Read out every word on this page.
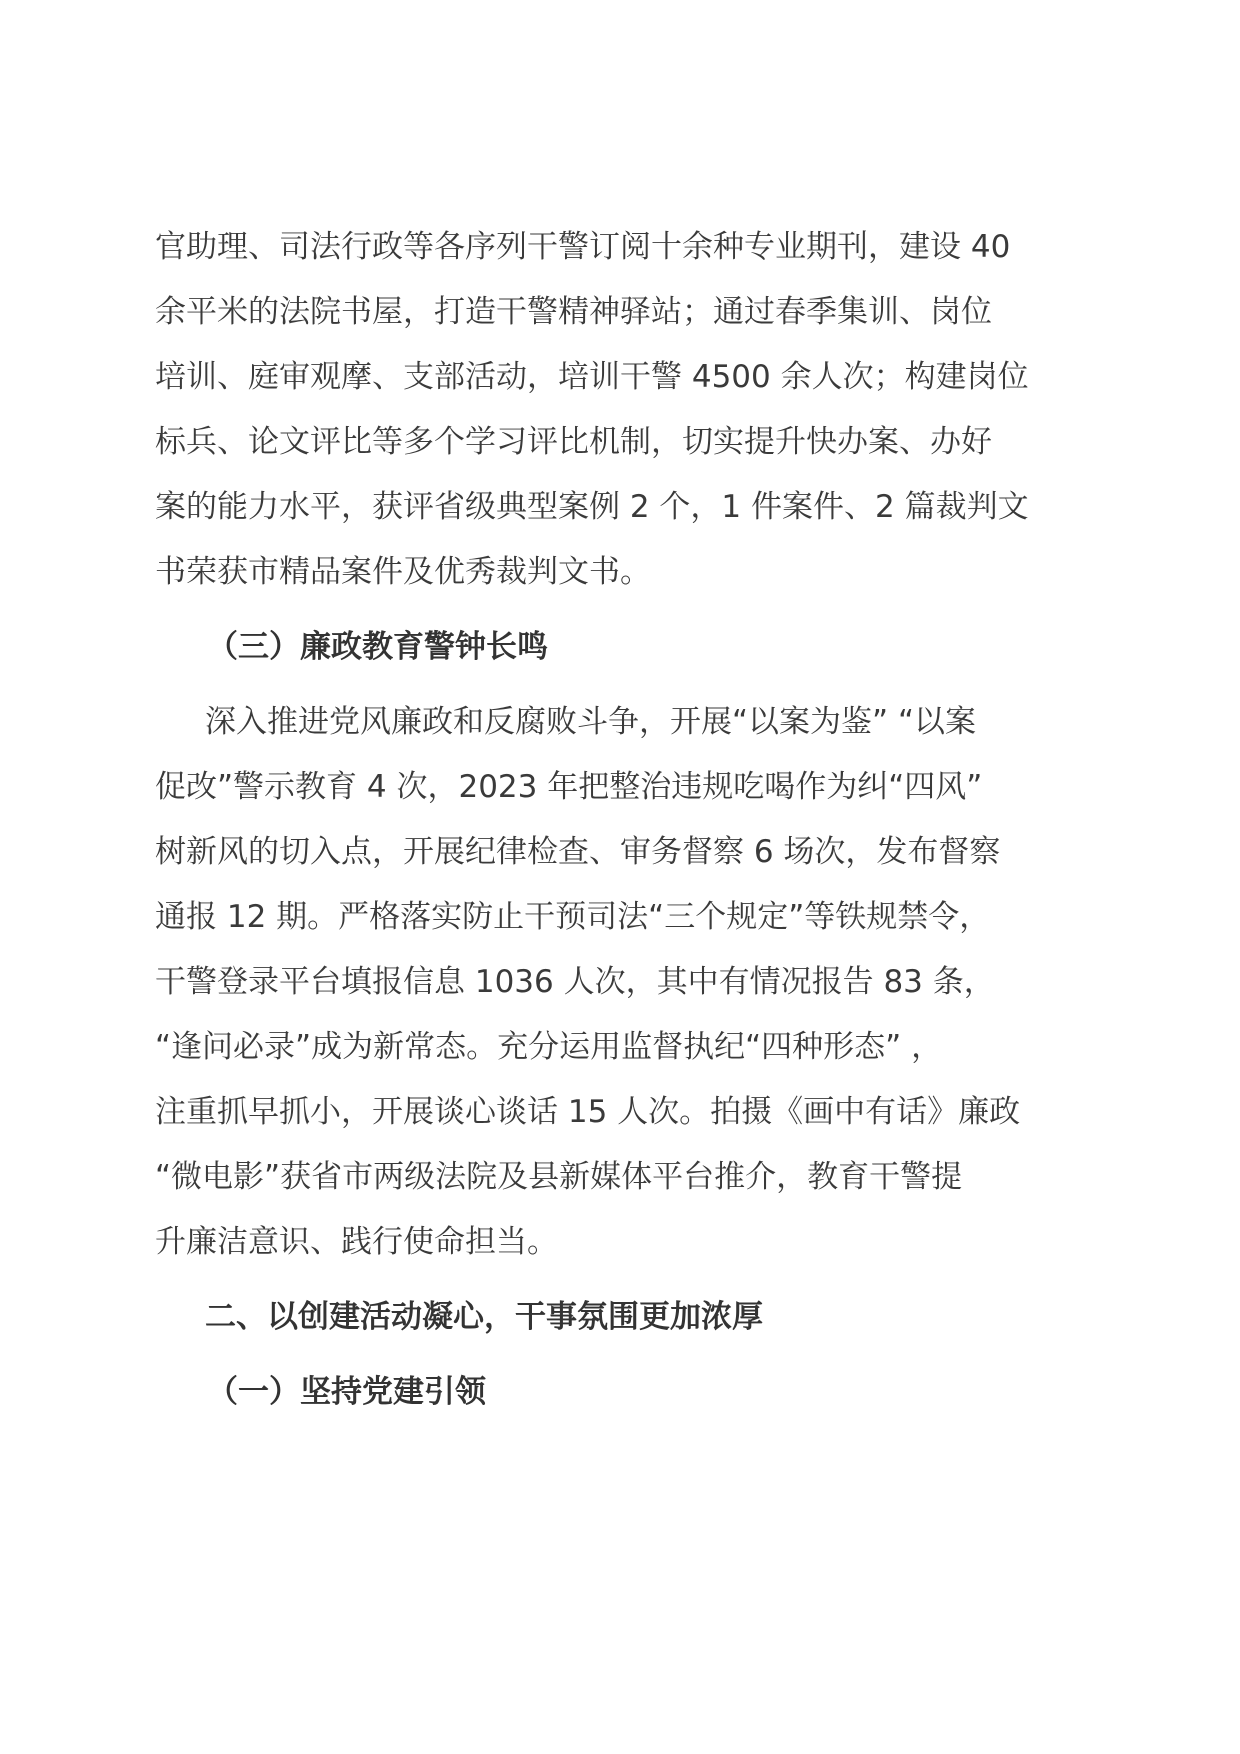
官助理、司法行政等各序列干警订阅十余种专业期刊，建设 40
余平米的法院书屋，打造干警精神驿站；通过春季集训、岗位
培训、庭审观摩、支部活动，培训干警 4500 余人次；构建岗位
标兵、论文评比等多个学习评比机制，切实提升快办案、办好
案的能力水平，获评省级典型案例 2 个，1 件案件、2 篇裁判文
书荣获市精品案件及优秀裁判文书。
（三）廉政教育警钟长鸣
深入推进党风廉政和反腐败斗争，开展“以案为鉴” “以案
促改”警示教育 4 次，2023 年把整治违规吃喝作为纠“四风”
树新风的切入点，开展纪律检查、审务督察 6 场次，发布督察
通报 12 期。严格落实防止干预司法“三个规定”等铁规禁令，
干警登录平台填报信息 1036 人次，其中有情况报告 83 条，
“逢问必录”成为新常态。充分运用监督执纪“四种形态” ，
注重抓早抓小，开展谈心谈话 15 人次。拍摄《画中有话》廉政
“微电影”获省市两级法院及县新媒体平台推介，教育干警提
升廉洁意识、践行使命担当。
二、以创建活动凝心，干事氛围更加浓厚
（一）坚持党建引领
